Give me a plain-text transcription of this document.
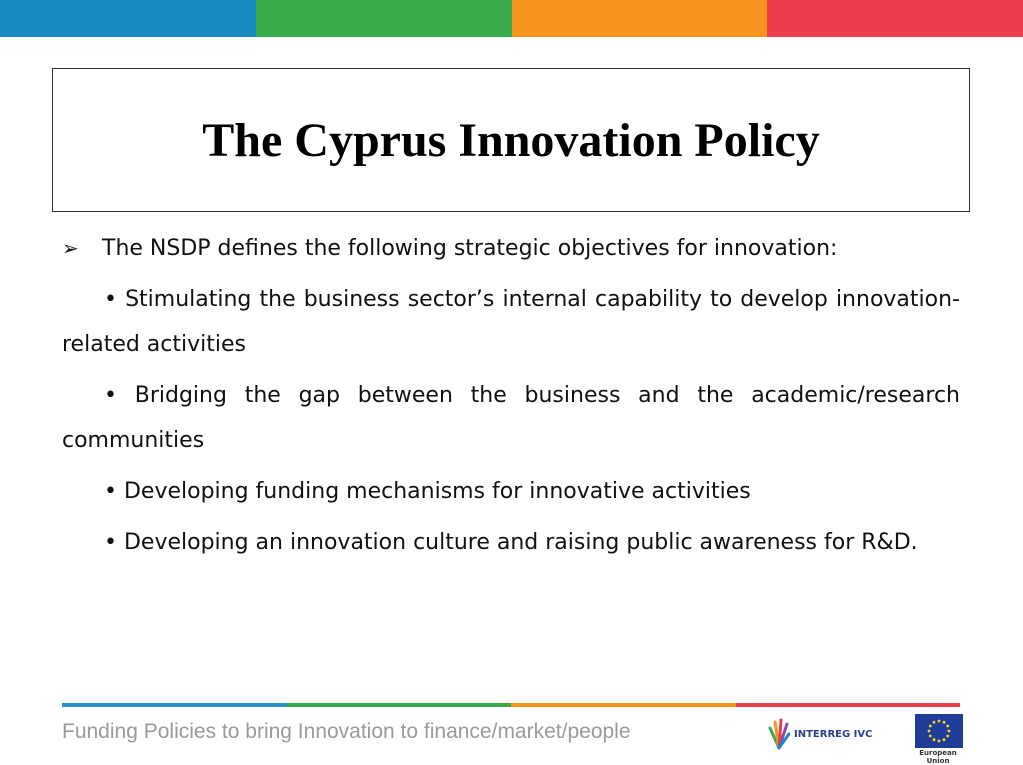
The Cyprus Innovation Policy
➢ The NSDP defines the following strategic objectives for innovation:

• Stimulating the business sector’s internal capability to develop innovation-related activities

• Bridging the gap between the business and the academic/research communities

• Developing funding mechanisms for innovative activities

• Developing an innovation culture and raising public awareness for R&D.

Funding Policies to bring Innovation to finance/market/people	INTERREG IVC
European Union
